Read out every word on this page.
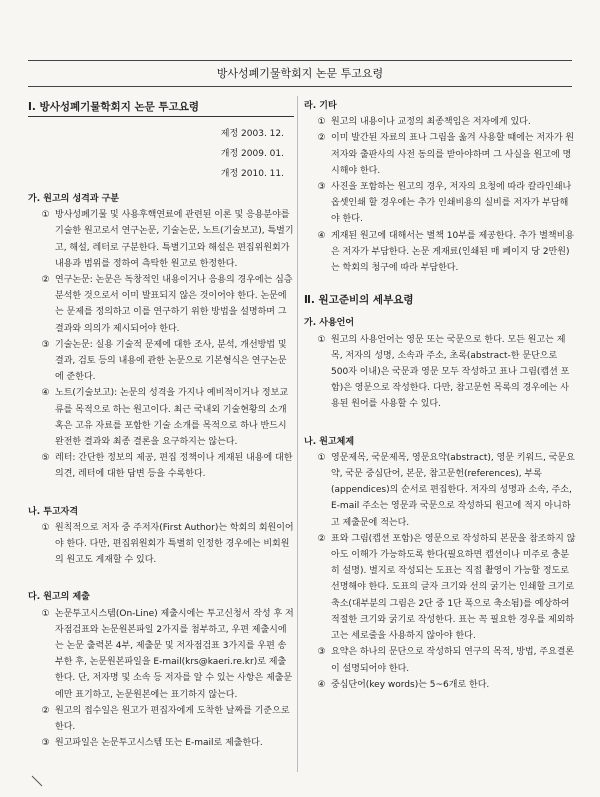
방사성폐기물학회지 논문 투고요령
Ⅰ. 방사성폐기물학회지 논문 투고요령
제정 2003. 12.
개정 2009. 01.
개정 2010. 11.
가. 원고의 성격과 구분
① 방사성폐기물 및 사용후핵연료에 관련된 이론 및 응용분야를 기술한 원고로서 연구논문, 기술논문, 노트(기술보고), 특별기고, 해설, 레터로 구분한다. 특별기고와 해설은 편집위원회가 내용과 범위를 정하여 측탁한 원고로 한정한다.
② 연구논문: 논문은 독창적인 내용이거나 응용의 경우에는 심층 분석한 것으로서 이미 발표되지 않은 것이어야 한다. 논문에는 문제를 정의하고 이를 연구하기 위한 방법을 설명하며 그 결과와 의의가 제시되어야 한다.
③ 기술논문: 실용 기술적 문제에 대한 조사, 분석, 개선방법 및 결과, 검토 등의 내용에 관한 논문으로 기본형식은 연구논문에 준한다.
④ 노트(기술보고): 논문의 성격을 가지나 예비적이거나 정보교류를 목적으로 하는 원고이다. 최근 국내외 기술현황의 소개 혹은 고유 자료를 포함한 기술 소개를 목적으로 하나 반드시 완전한 결과와 최종 결론을 요구하지는 않는다.
⑤ 레터: 간단한 정보의 제공, 편집 정책이나 게재된 내용에 대한 의견, 레터에 대한 답변 등을 수록한다.
나. 투고자격
① 원칙적으로 저자 중 주저자(First Author)는 학회의 회원이어야 한다. 다만, 편집위원회가 특별히 인정한 경우에는 비회원의 원고도 게재할 수 있다.
다. 원고의 제출
① 논문투고시스템(On-Line) 제출시에는 투고신청서 작성 후 저자점검표와 논문원본파일 2가지를 첨부하고, 우편 제출시에는 논문 출력본 4부, 제출문 및 저자점검표 3가지를 우편 송부한 후, 논문원본파일을 E-mail(krs@kaeri.re.kr)로 제출한다. 단, 저자명 및 소속 등 저자를 알 수 있는 사항은 제출문에만 표기하고, 논문원본에는 표기하지 않는다.
② 원고의 접수일은 원고가 편집자에게 도착한 날짜를 기준으로 한다.
③ 원고파일은 논문투고시스템 또는 E-mail로 제출한다.
라. 기타
① 원고의 내용이나 교정의 최종책임은 저자에게 있다.
② 이미 발간된 자료의 표나 그림을 옮겨 사용할 때에는 저자가 원저자와 출판사의 사전 동의를 받아야하며 그 사실을 원고에 명시해야 한다.
③ 사진을 포함하는 원고의 경우, 저자의 요청에 따라 칼라인쇄나 옵셋인쇄 할 경우에는 추가 인쇄비용의 실비를 저자가 부담해야 한다.
④ 게재된 원고에 대해서는 별책 10부를 제공한다. 추가 별책비용은 저자가 부담한다. 논문 게재료(인쇄된 매 페이지 당 2만원)는 학회의 청구에 따라 부담한다.
Ⅱ. 원고준비의 세부요령
가. 사용언어
① 원고의 사용언어는 영문 또는 국문으로 한다. 모든 원고는 제목, 저자의 성명, 소속과 주소, 초록(abstract-한 문단으로 500자 이내)은 국문과 영문 모두 작성하고 표나 그림(캡션 포함)은 영문으로 작성한다. 다만, 참고문헌 목록의 경우에는 사용된 원어를 사용할 수 있다.
나. 원고체제
① 영문제목, 국문제목, 영문요약(abstract), 영문 키워드, 국문요약, 국문 중심단어, 본문, 참고문헌(references), 부록(appendices)의 순서로 편집한다. 저자의 성명과 소속, 주소, E-mail 주소는 영문과 국문으로 작성하되 원고에 적지 아니하고 제출문에 적는다.
② 표와 그림(캡션 포함)은 영문으로 작성하되 본문을 참조하지 않아도 이해가 가능하도록 한다(필요하면 캡션이나 미주로 충분히 설명). 별지로 작성되는 도표는 직접 촬영이 가능할 정도로 선명해야 한다. 도표의 글자 크기와 선의 굵기는 인쇄할 크기로 축소(대부분의 그림은 2단 중 1단 폭으로 축소됨)를 예상하여 적절한 크기와 굵기로 작성한다. 표는 꼭 필요한 경우를 제외하고는 세로줄을 사용하지 않아야 한다.
③ 요약은 하나의 문단으로 작성하되 연구의 목적, 방법, 주요결론이 설명되어야 한다.
④ 중심단어(key words)는 5~6개로 한다.
